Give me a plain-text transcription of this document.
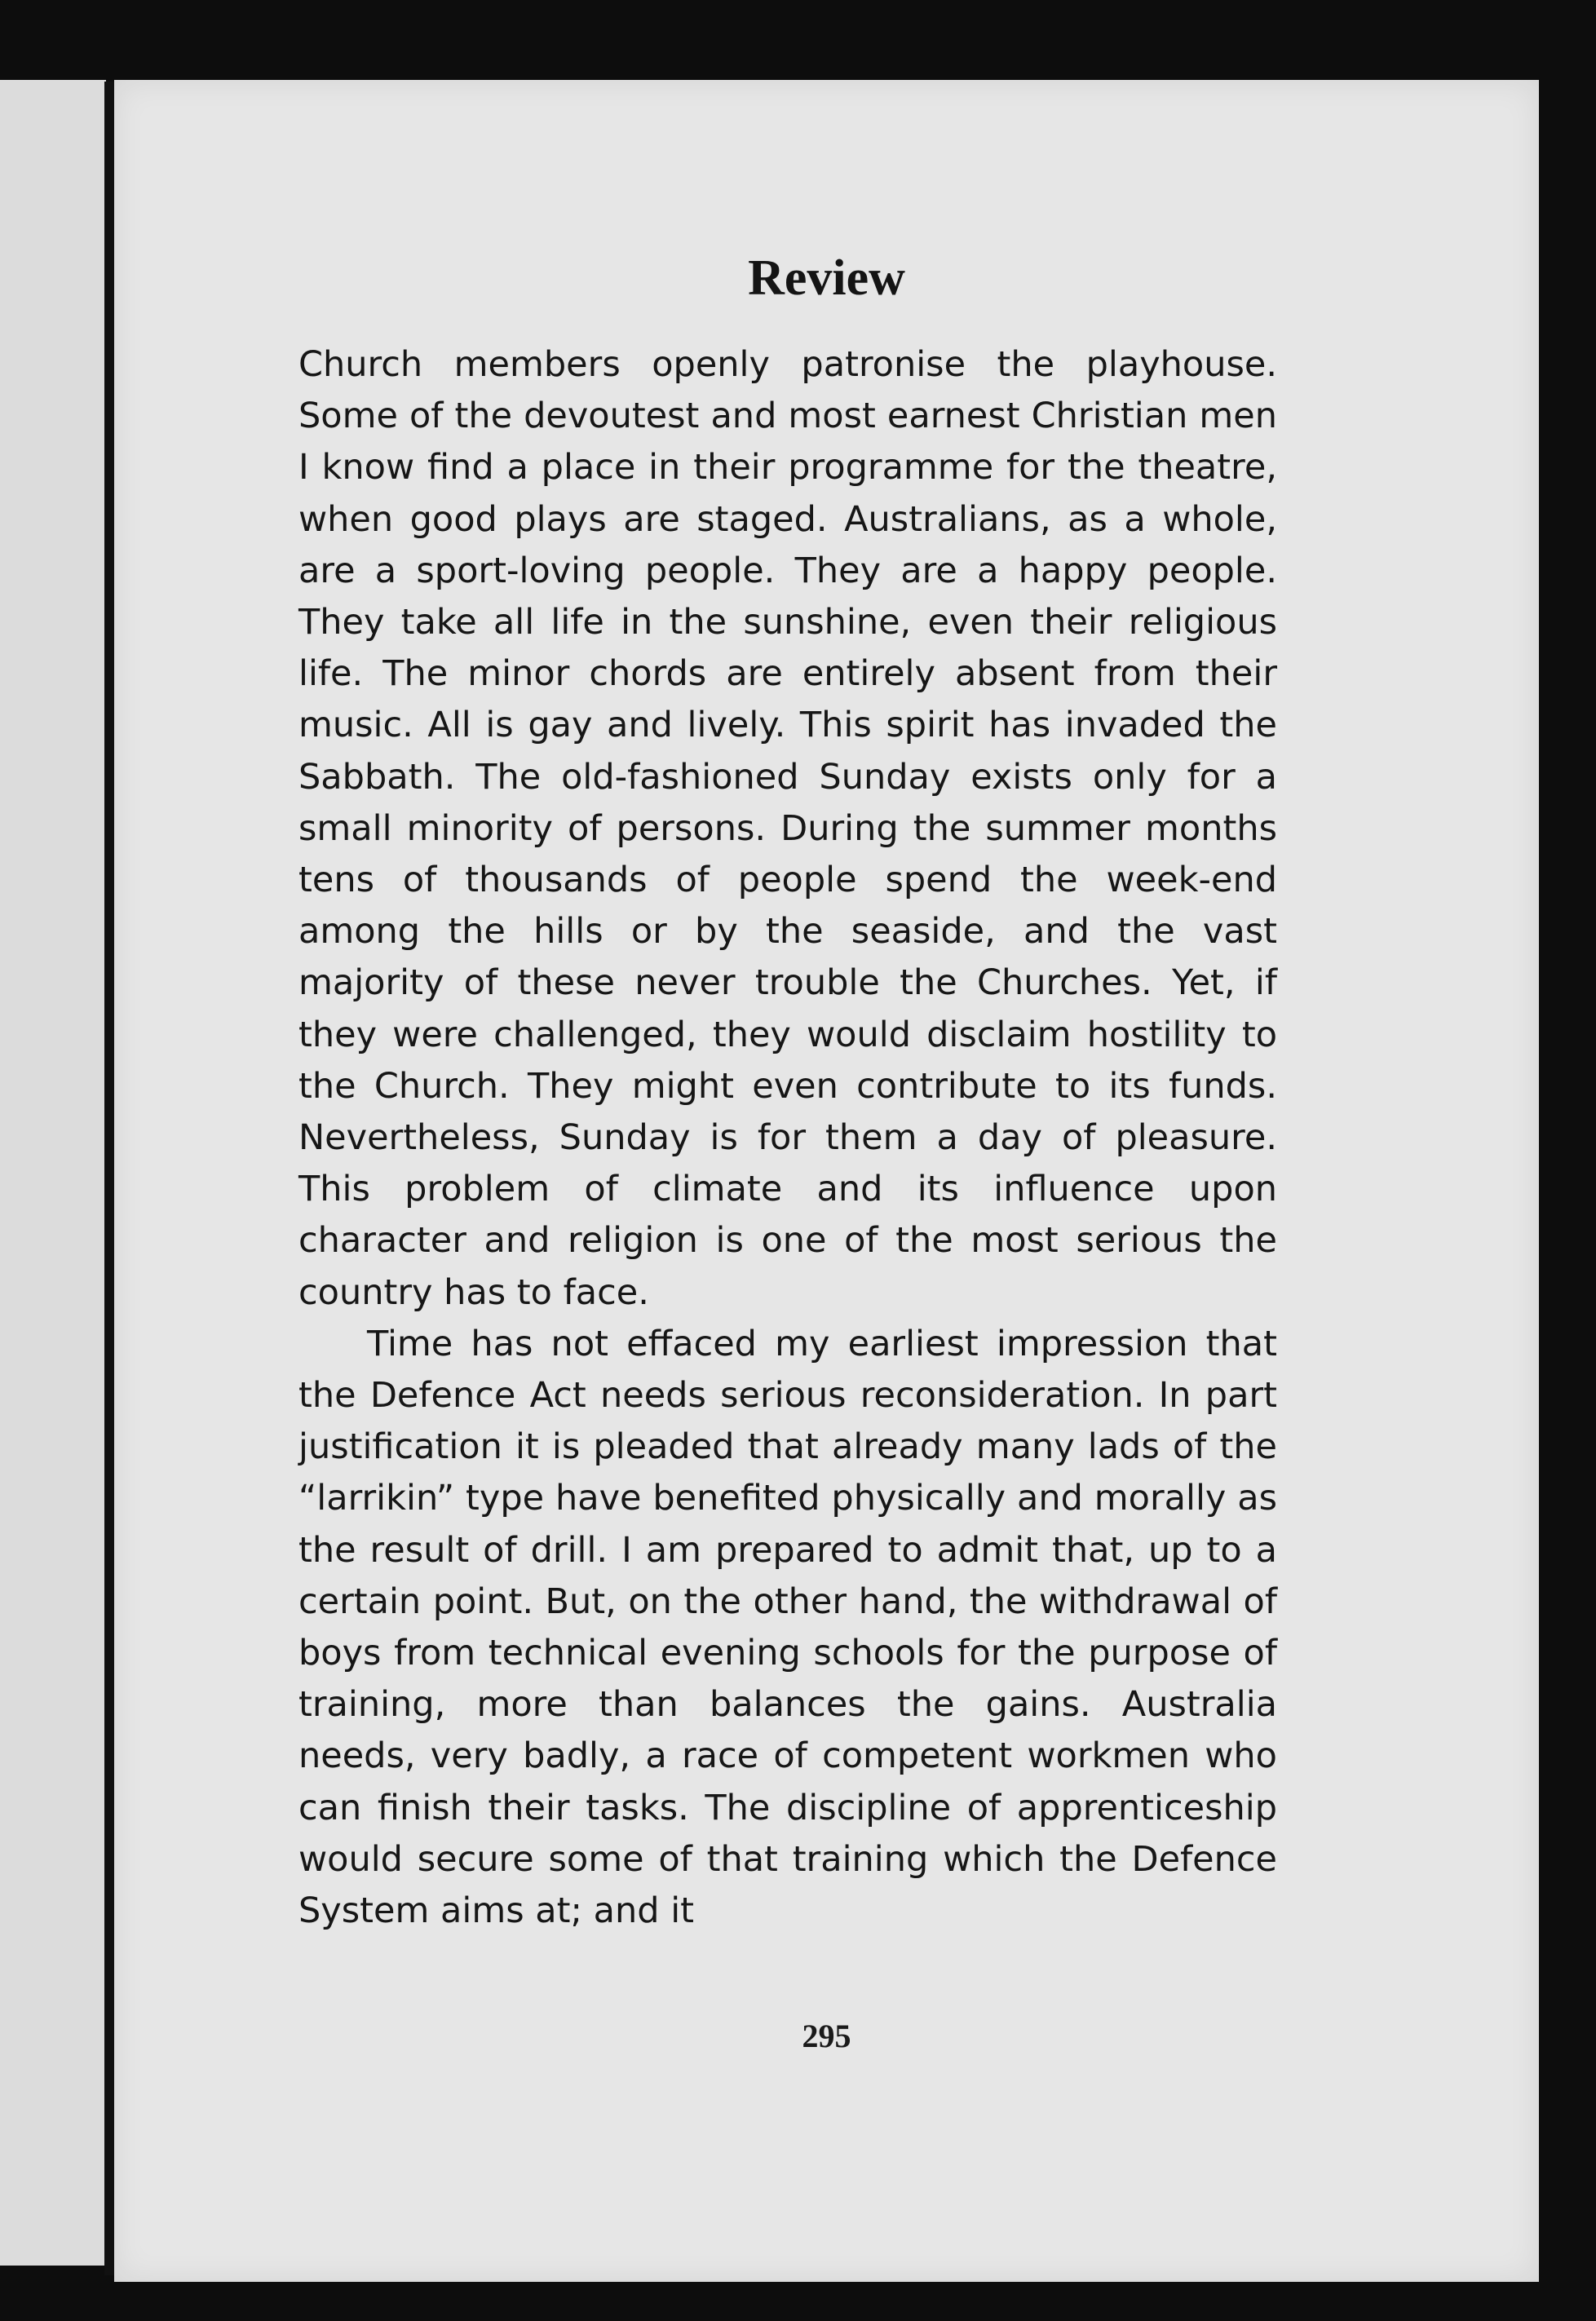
Review

Church members openly patronise the playhouse. Some of the devoutest and most earnest Christian men I know find a place in their programme for the theatre, when good plays are staged. Australians, as a whole, are a sport-loving people. They are a happy people. They take all life in the sunshine, even their religious life. The minor chords are entirely absent from their music. All is gay and lively. This spirit has invaded the Sabbath. The old-fashioned Sunday exists only for a small minority of persons. During the summer months tens of thousands of people spend the week-end among the hills or by the seaside, and the vast majority of these never trouble the Churches. Yet, if they were challenged, they would disclaim hostility to the Church. They might even contribute to its funds. Nevertheless, Sunday is for them a day of pleasure. This problem of climate and its influence upon character and religion is one of the most serious the country has to face.

Time has not effaced my earliest impression that the Defence Act needs serious reconsideration. In part justification it is pleaded that already many lads of the “larrikin” type have benefited physically and morally as the result of drill. I am prepared to admit that, up to a certain point. But, on the other hand, the withdrawal of boys from technical evening schools for the purpose of training, more than balances the gains. Australia needs, very badly, a race of competent workmen who can finish their tasks. The discipline of apprenticeship would secure some of that training which the Defence System aims at; and it

295
